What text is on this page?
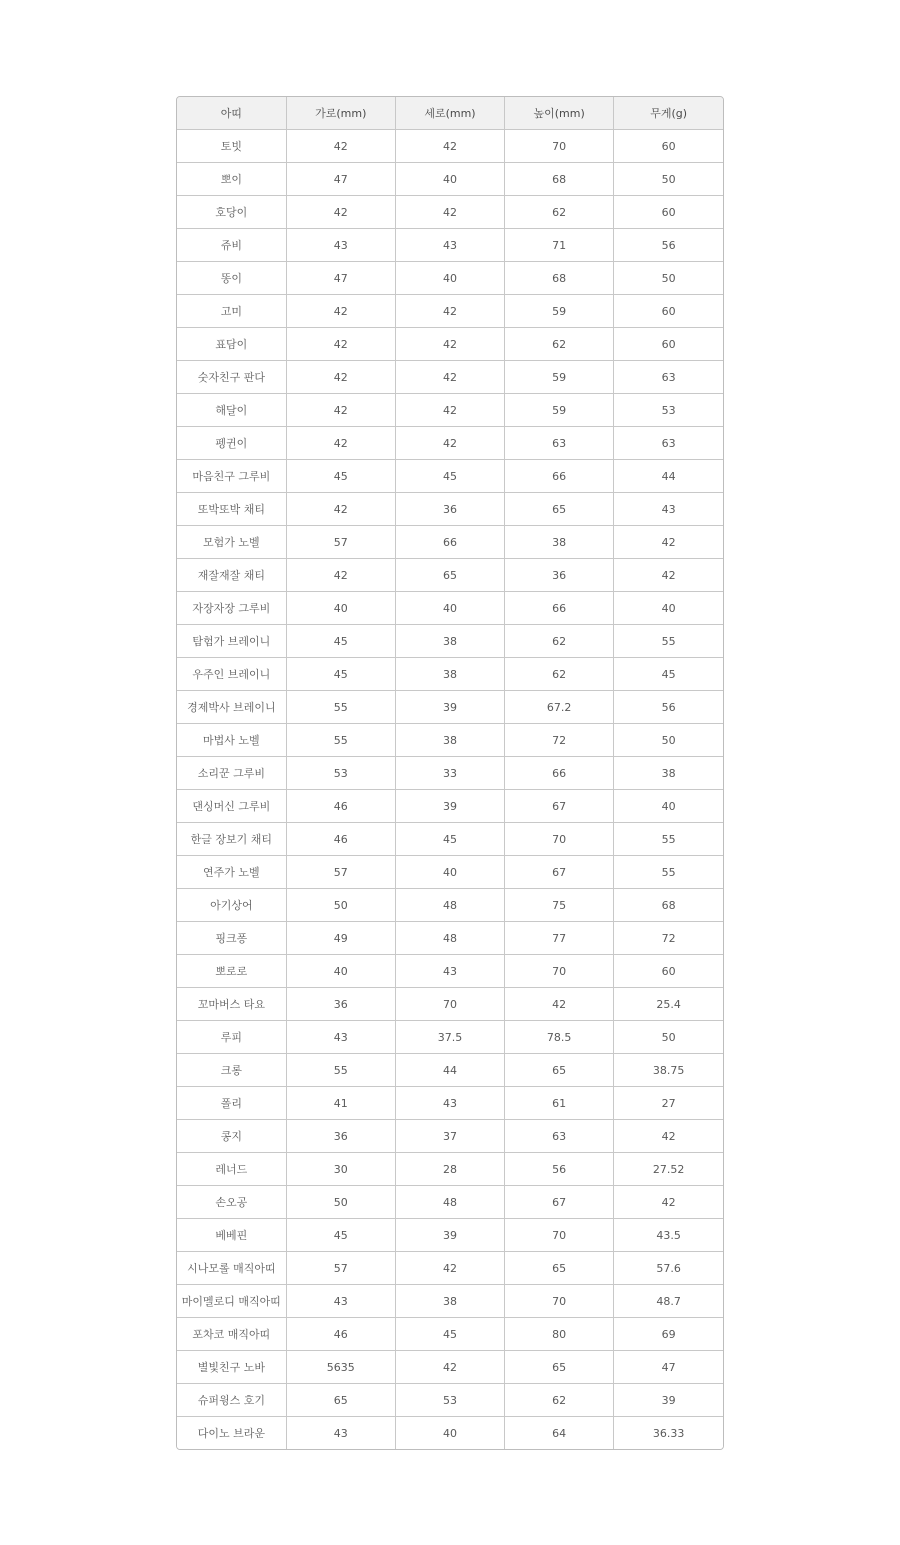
아띠	가로(mm)	세로(mm)	높이(mm)	무게(g)
토빗	42	42	70	60
뽀이	47	40	68	50
호당이	42	42	62	60
쥬비	43	43	71	56
똥이	47	40	68	50
고미	42	42	59	60
표담이	42	42	62	60
숫자친구 판다	42	42	59	63
해달이	42	42	59	53
펭귄이	42	42	63	63
마음친구 그루비	45	45	66	44
또박또박 채티	42	36	65	43
모험가 노벨	57	66	38	42
재잘재잘 채티	42	65	36	42
자장자장 그루비	40	40	66	40
탐험가 브레이니	45	38	62	55
우주인 브레이니	45	38	62	45
경제박사 브레이니	55	39	67.2	56
마법사 노벨	55	38	72	50
소리꾼 그루비	53	33	66	38
댄싱머신 그루비	46	39	67	40
한글 장보기 채티	46	45	70	55
연주가 노벨	57	40	67	55
아기상어	50	48	75	68
핑크퐁	49	48	77	72
뽀로로	40	43	70	60
꼬마버스 타요	36	70	42	25.4
루피	43	37.5	78.5	50
크롱	55	44	65	38.75
폴리	41	43	61	27
콩지	36	37	63	42
레너드	30	28	56	27.52
손오공	50	48	67	42
베베핀	45	39	70	43.5
시나모롤 매직아띠	57	42	65	57.6
마이멜로디 매직아띠	43	38	70	48.7
포차코 매직아띠	46	45	80	69
별빛친구 노바	5635	42	65	47
슈퍼윙스 호기	65	53	62	39
다이노 브라운	43	40	64	36.33
